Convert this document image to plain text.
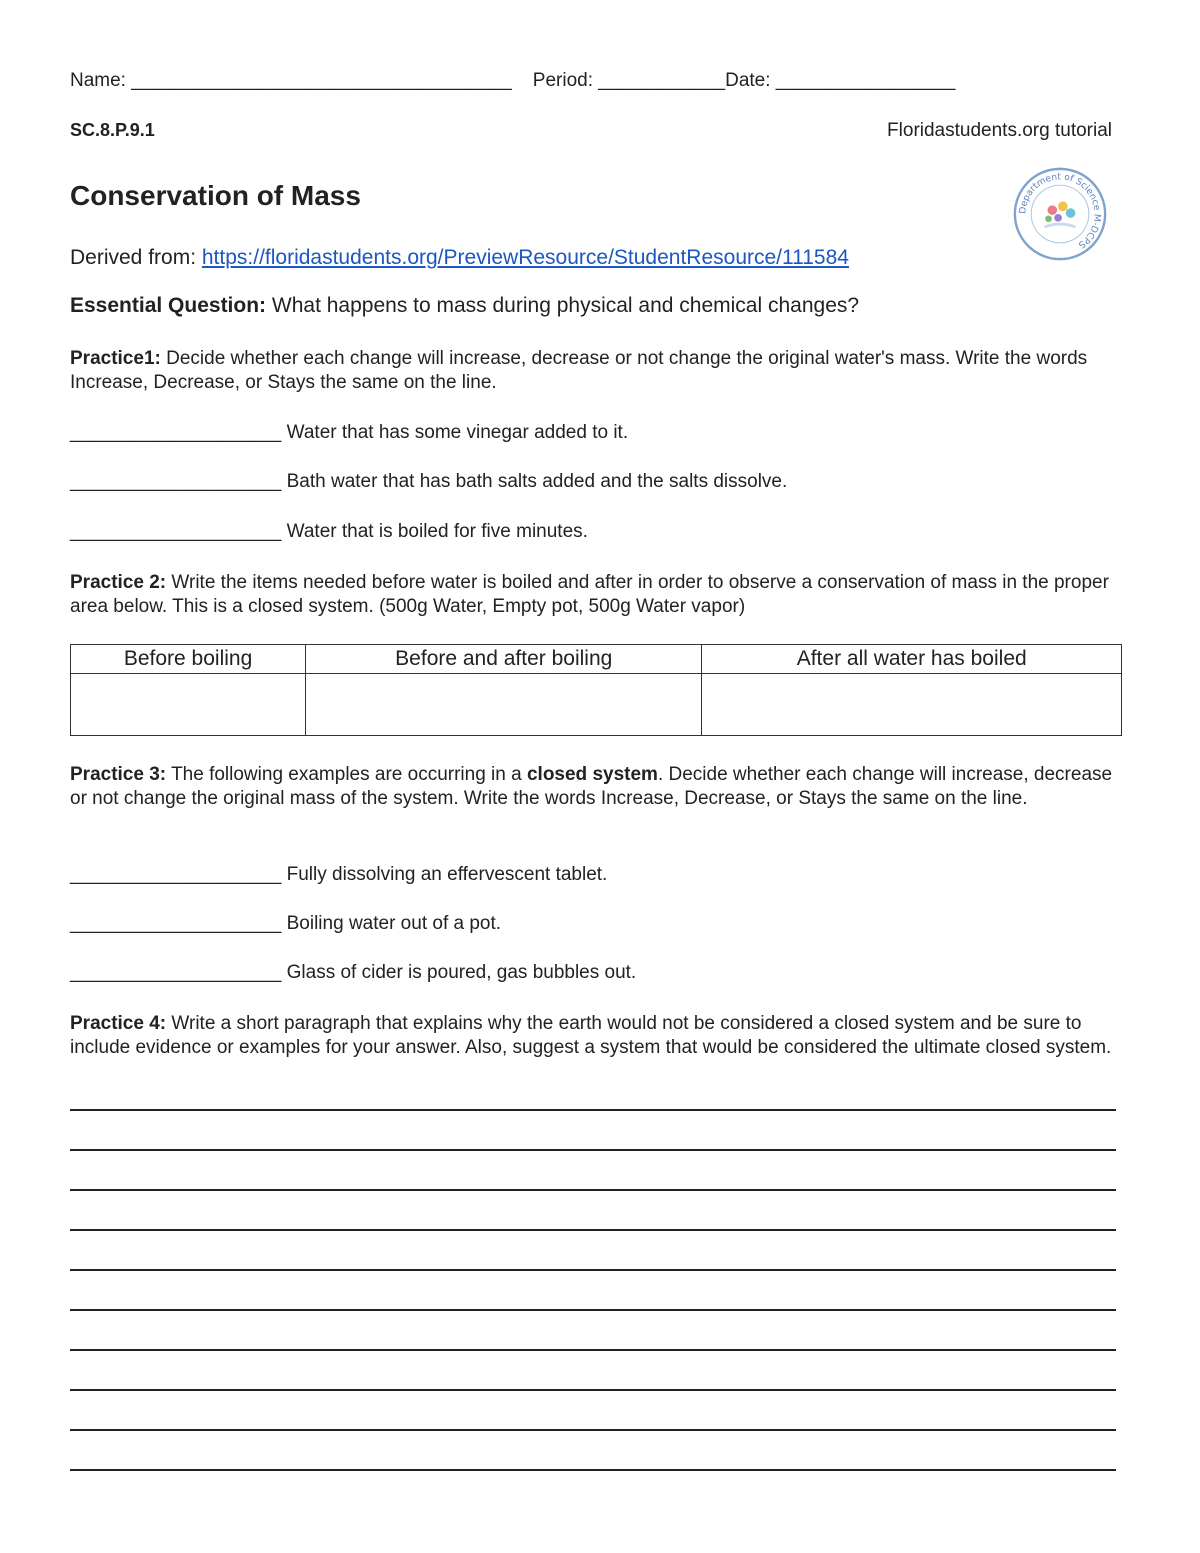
Name: ____________________________________ Period: ____________Date: _________________
SC.8.P.9.1	Floridastudents.org tutorial
Conservation of Mass
Derived from: https://floridastudents.org/PreviewResource/StudentResource/111584
Essential Question: What happens to mass during physical and chemical changes?
Practice1: Decide whether each change will increase, decrease or not change the original water's mass. Write the words Increase, Decrease, or Stays the same on the line.
____________________ Water that has some vinegar added to it.
____________________ Bath water that has bath salts added and the salts dissolve.
____________________ Water that is boiled for five minutes.
Practice 2: Write the items needed before water is boiled and after in order to observe a conservation of mass in the proper area below. This is a closed system. (500g Water, Empty pot, 500g Water vapor)
Before boiling	Before and after boiling	After all water has boiled

Practice 3: The following examples are occurring in a closed system. Decide whether each change will increase, decrease or not change the original mass of the system. Write the words Increase, Decrease, or Stays the same on the line.
____________________ Fully dissolving an effervescent tablet.
____________________ Boiling water out of a pot.
____________________ Glass of cider is poured, gas bubbles out.
Practice 4: Write a short paragraph that explains why the earth would not be considered a closed system and be sure to include evidence or examples for your answer. Also, suggest a system that would be considered the ultimate closed system.
Department of Science M-DCPS
